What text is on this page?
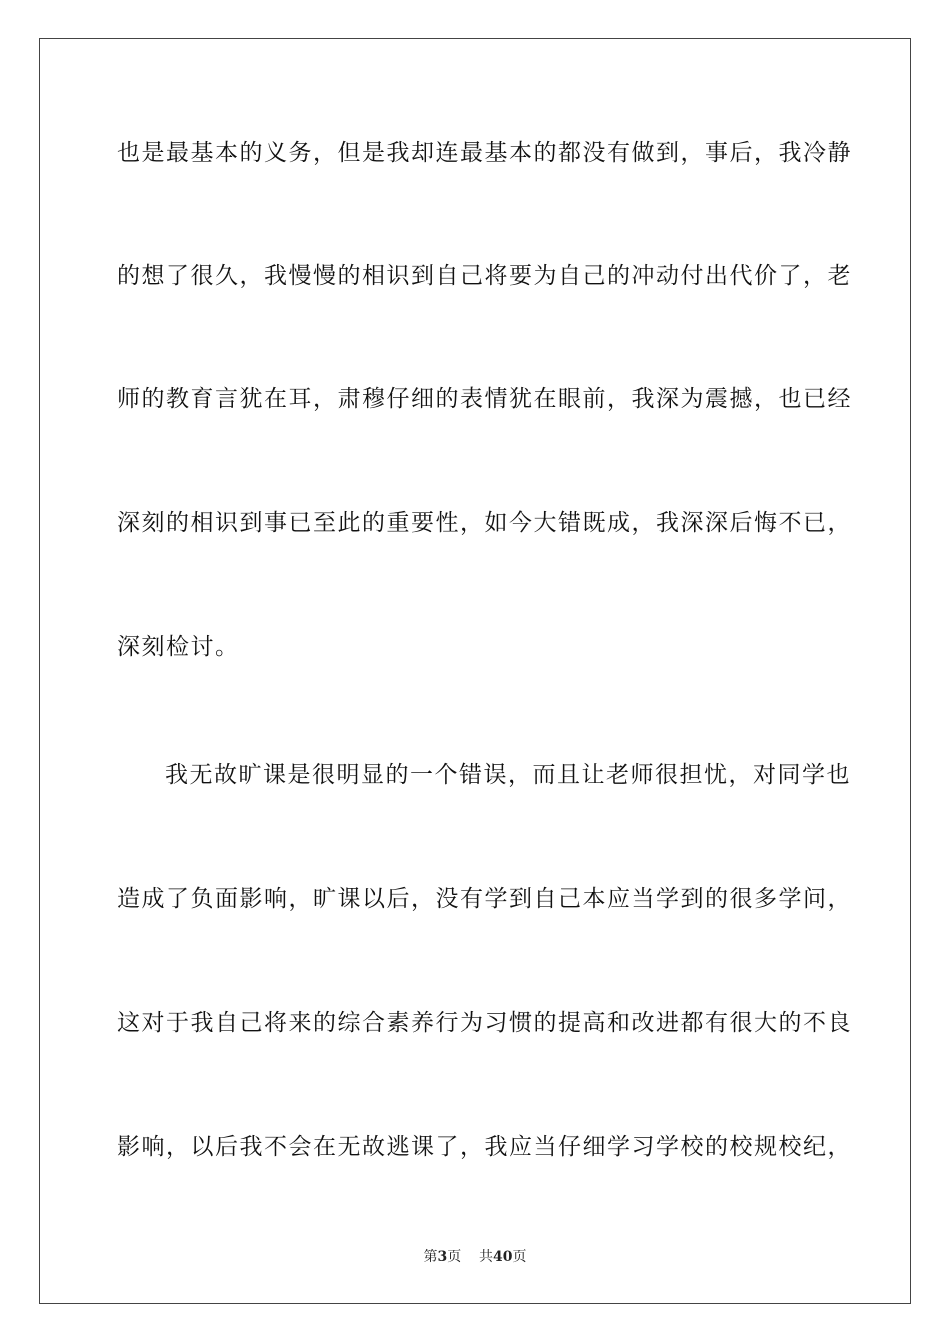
也是最基本的义务，但是我却连最基本的都没有做到，事后，我冷静
的想了很久，我慢慢的相识到自己将要为自己的冲动付出代价了，老
师的教育言犹在耳，肃穆仔细的表情犹在眼前，我深为震撼，也已经
深刻的相识到事已至此的重要性，如今大错既成，我深深后悔不已，
深刻检讨。
我无故旷课是很明显的一个错误，而且让老师很担忧，对同学也
造成了负面影响，旷课以后，没有学到自己本应当学到的很多学问，
这对于我自己将来的综合素养行为习惯的提高和改进都有很大的不良
影响，以后我不会在无故逃课了，我应当仔细学习学校的校规校纪，
第3页 共40页
